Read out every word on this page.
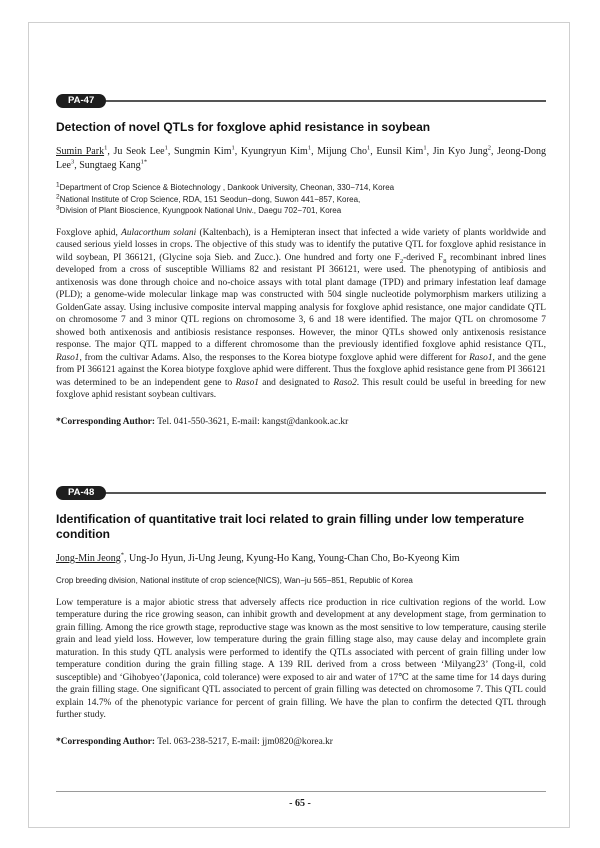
PA-47
Detection of novel QTLs for foxglove aphid resistance in soybean
Sumin Park$^1$, Ju Seok Lee$^1$, Sungmin Kim$^1$, Kyungryun Kim$^1$, Mijung Cho$^1$, Eunsil Kim$^1$, Jin Kyo Jung$^2$, Jeong-Dong Lee$^3$, Sungtaeg Kang$^{1*}$
$^1$Department of Crop Science & Biotechnology , Dankook University, Cheonan, 330−714, Korea
$^2$National Institute of Crop Science, RDA, 151 Seodun−dong, Suwon 441−857, Korea,
$^3$Division of Plant Bioscience, Kyungpook National Univ., Daegu 702−701, Korea

Foxglove aphid, Aulacorthum solani (Kaltenbach), is a Hemipteran insect that infected a wide variety of plants worldwide and caused serious yield losses in crops. The objective of this study was to identify the putative QTL for foxglove aphid resistance in wild soybean, PI 366121, (Glycine soja Sieb. and Zucc.). One hundred and forty one $F_2$-derived $F_8$ recombinant inbred lines developed from a cross of susceptible Williams 82 and resistant PI 366121, were used. The phenotyping of antibiosis and antixenosis was done through choice and no-choice assays with total plant damage (TPD) and primary infestation leaf damage (PLD); a genome-wide molecular linkage map was constructed with 504 single nucleotide polymorphism markers utilizing a GoldenGate assay. Using inclusive composite interval mapping analysis for foxglove aphid resistance, one major candidate QTL on chromosome 7 and 3 minor QTL regions on chromosome 3, 6 and 18 were identified. The major QTL on chromosome 7 showed both antixenosis and antibiosis resistance responses. However, the minor QTLs showed only antixenosis resistance response. The major QTL mapped to a different chromosome than the previously identified foxglove aphid resistance QTL, Raso1, from the cultivar Adams. Also, the responses to the Korea biotype foxglove aphid were different for Raso1, and the gene from PI 366121 against the Korea biotype foxglove aphid were different. Thus the foxglove aphid resistance gene from PI 366121 was determined to be an independent gene to Raso1 and designated to Raso2. This result could be useful in breeding for new foxglove aphid resistant soybean cultivars.

*Corresponding Author: Tel. 041-550-3621, E-mail: kangst@dankook.ac.kr
PA-48
Identification of quantitative trait loci related to grain filling under low temperature condition
Jong-Min Jeong*, Ung-Jo Hyun, Ji-Ung Jeung, Kyung-Ho Kang, Young-Chan Cho, Bo-Kyeong Kim
Crop breeding division, National institute of crop science(NICS), Wan−ju 565−851, Republic of Korea

Low temperature is a major abiotic stress that adversely affects rice production in rice cultivation regions of the world. Low temperature during the rice growing season, can inhibit growth and development at any development stage, from germination to grain filling. Among the rice growth stage, reproductive stage was known as the most sensitive to low temperature, causing sterile grain and lead yield loss. However, low temperature during the grain filling stage also, may cause delay and incomplete grain maturation. In this study QTL analysis were performed to identify the QTLs associated with percent of grain filling under low temperature condition during the grain filling stage. A 139 RIL derived from a cross between ‘Milyang23’ (Tong-il, cold susceptible) and ‘Gihobyeo’(Japonica, cold tolerance) were exposed to air and water of 17℃ at the same time for 14 days during the grain filling stage. One significant QTL associated to percent of grain filling was detected on chromosome 7. This QTL could explain 14.7% of the phenotypic variance for percent of grain filling. We have the plan to confirm the detected QTL through further study.

*Corresponding Author: Tel. 063-238-5217, E-mail: jjm0820@korea.kr
- 65 -
